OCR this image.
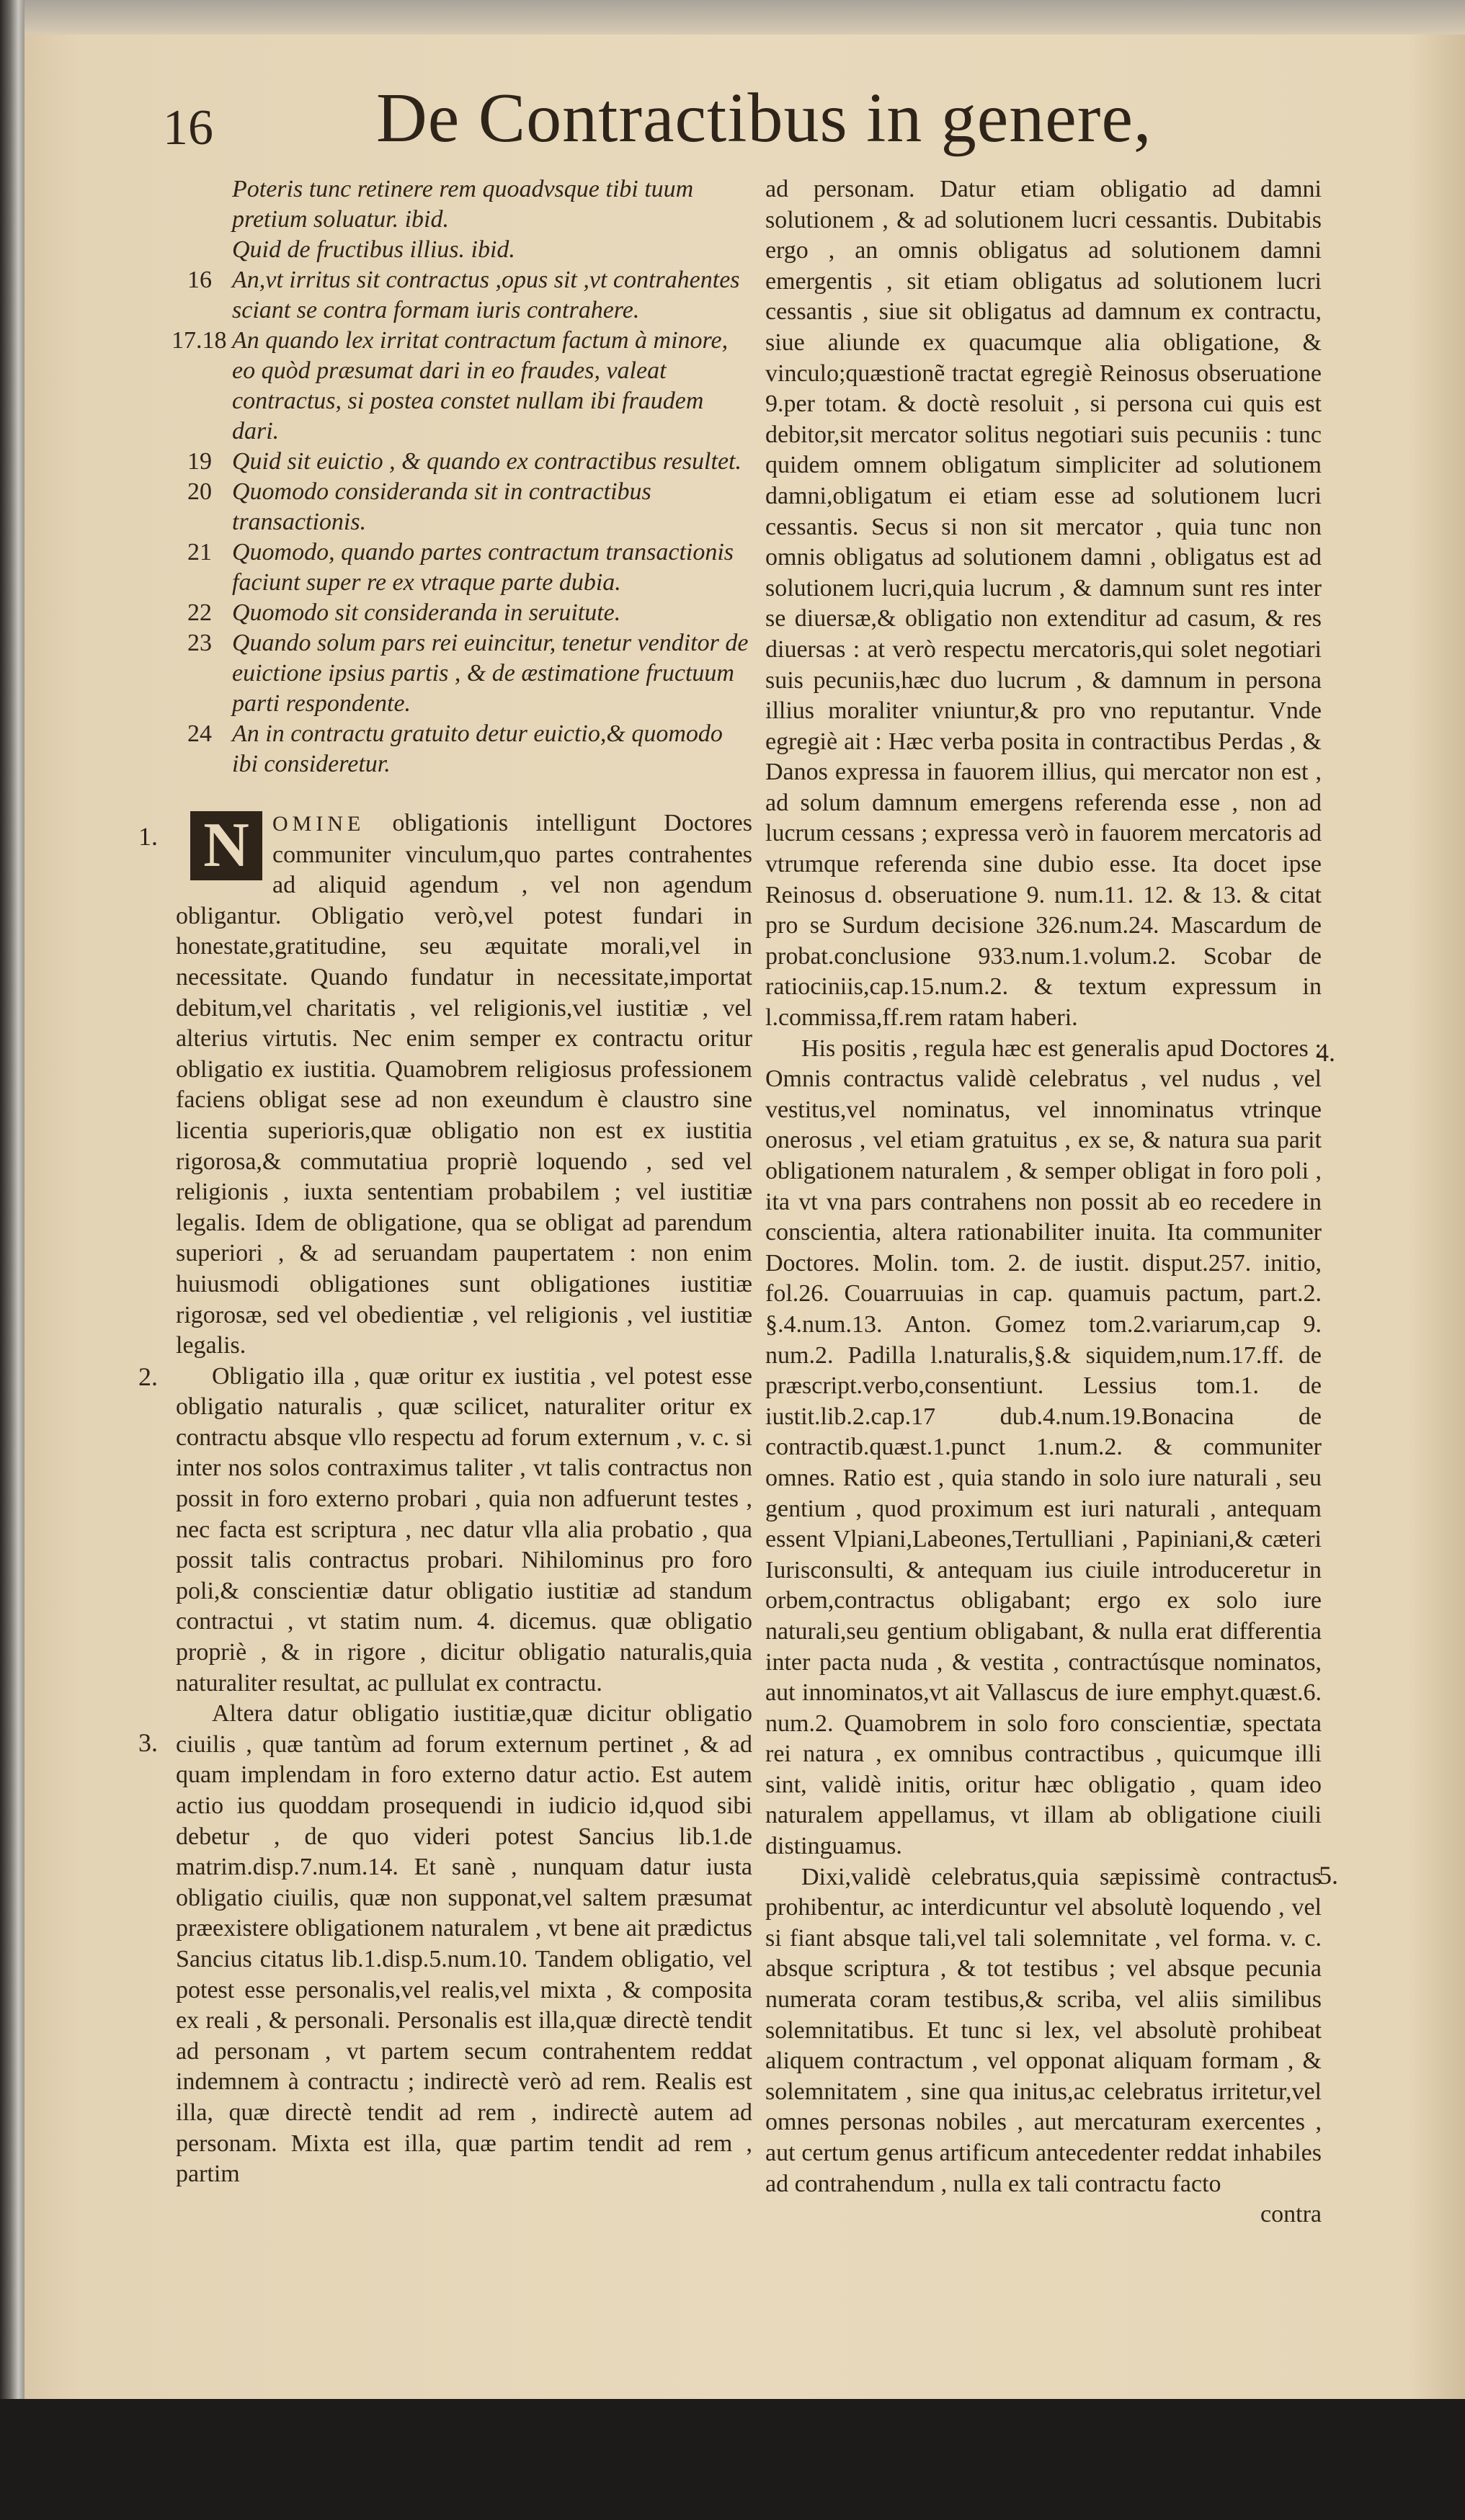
16 De Contractibus in genere,
1.
2.
3.
4.
5.
Poteris tunc retinere rem quoadvsque tibi tuum pretium soluatur. ibid.
Quid de fructibus illius. ibid.
16 An,vt irritus sit contractus ,opus sit ,vt contrahentes sciant se contra formam iuris contrahere.
17.18 An quando lex irritat contractum factum à minore, eo quòd præsumat dari in eo fraudes, valeat contractus, si postea constet nullam ibi fraudem dari.
19 Quid sit euictio , & quando ex contractibus resultet.
20 Quomodo consideranda sit in contractibus transactionis.
21 Quomodo, quando partes contractum transactionis faciunt super re ex vtraque parte dubia.
22 Quomodo sit consideranda in seruitute.
23 Quando solum pars rei euincitur, tenetur venditor de euictione ipsius partis , & de æstimatione fructuum parti respondente.
24 An in contractu gratuito detur euictio,& quomodo ibi consideretur.

N	OMINE obligationis intelligunt Doctores communiter vinculum,quo partes contrahentes ad aliquid agendum , vel non agendum obligantur. Obligatio verò,vel potest fundari in honestate,gratitudine, seu æquitate morali,vel in necessitate. Quando fundatur in necessitate,importat debitum,vel charitatis , vel religionis,vel iustitiæ , vel alterius virtutis. Nec enim semper ex contractu oritur obligatio ex iustitia. Quamobrem religiosus professionem faciens obligat sese ad non exeundum è claustro sine licentia superioris,quæ obligatio non est ex iustitia rigorosa,& commutatiua propriè loquendo , sed vel religionis , iuxta sententiam probabilem ; vel iustitiæ legalis. Idem de obligatione, qua se obligat ad parendum superiori , & ad seruandam paupertatem : non enim huiusmodi obligationes sunt obligationes iustitiæ rigorosæ, sed vel obedientiæ , vel religionis , vel iustitiæ legalis.

Obligatio illa , quæ oritur ex iustitia , vel potest esse obligatio naturalis , quæ scilicet, naturaliter oritur ex contractu absque vllo respectu ad forum externum , v. c. si inter nos solos contraximus taliter , vt talis contractus non possit in foro externo probari , quia non adfuerunt testes , nec facta est scriptura , nec datur vlla alia probatio , qua possit talis contractus probari. Nihilominus pro foro poli,& conscientiæ datur obligatio iustitiæ ad standum contractui , vt statim num. 4. dicemus. quæ obligatio propriè , & in rigore , dicitur obligatio naturalis,quia naturaliter resultat, ac pullulat ex contractu.

Altera datur obligatio iustitiæ,quæ dicitur obligatio ciuilis , quæ tantùm ad forum externum pertinet , & ad quam implendam in foro externo datur actio. Est autem actio ius quoddam prosequendi in iudicio id,quod sibi debetur , de quo videri potest Sancius lib.1.de matrim.disp.7.num.14. Et sanè , nunquam datur iusta obligatio ciuilis, quæ non supponat,vel saltem præsumat præexistere obligationem naturalem , vt bene ait prædictus Sancius citatus lib.1.disp.5.num.10. Tandem obligatio, vel potest esse personalis,vel realis,vel mixta , & composita ex reali , & personali. Personalis est illa,quæ directè tendit ad personam , vt partem secum contrahentem reddat indemnem à contractu ; indirectè verò ad rem. Realis est illa, quæ directè tendit ad rem , indirectè autem ad personam. Mixta est illa, quæ partim tendit ad rem , partim

ad personam. Datur etiam obligatio ad damni solutionem , & ad solutionem lucri cessantis. Dubitabis ergo , an omnis obligatus ad solutionem damni emergentis , sit etiam obligatus ad solutionem lucri cessantis , siue sit obligatus ad damnum ex contractu, siue aliunde ex quacumque alia obligatione, & vinculo;quæstionẽ tractat egregiè Reinosus obseruatione 9.per totam. & doctè resoluit , si persona cui quis est debitor,sit mercator solitus negotiari suis pecuniis : tunc quidem omnem obligatum simpliciter ad solutionem damni,obligatum ei etiam esse ad solutionem lucri cessantis. Secus si non sit mercator , quia tunc non omnis obligatus ad solutionem damni , obligatus est ad solutionem lucri,quia lucrum , & damnum sunt res inter se diuersæ,& obligatio non extenditur ad casum, & res diuersas : at verò respectu mercatoris,qui solet negotiari suis pecuniis,hæc duo lucrum , & damnum in persona illius moraliter vniuntur,& pro vno reputantur. Vnde egregiè ait : Hæc verba posita in contractibus Perdas , & Danos expressa in fauorem illius, qui mercator non est , ad solum damnum emergens referenda esse , non ad lucrum cessans ; expressa verò in fauorem mercatoris ad vtrumque referenda sine dubio esse. Ita docet ipse Reinosus d. obseruatione 9. num.11. 12. & 13. & citat pro se Surdum decisione 326.num.24. Mascardum de probat.conclusione 933.num.1.volum.2. Scobar de ratiociniis,cap.15.num.2. & textum expressum in l.commissa,ff.rem ratam haberi.

His positis , regula hæc est generalis apud Doctores : Omnis contractus validè celebratus , vel nudus , vel vestitus,vel nominatus, vel innominatus vtrinque onerosus , vel etiam gratuitus , ex se, & natura sua parit obligationem naturalem , & semper obligat in foro poli , ita vt vna pars contrahens non possit ab eo recedere in conscientia, altera rationabiliter inuita. Ita communiter Doctores. Molin. tom. 2. de iustit. disput.257. initio, fol.26. Couarruuias in cap. quamuis pactum, part.2. §.4.num.13. Anton. Gomez tom.2.variarum,cap 9. num.2. Padilla l.naturalis,§.& siquidem,num.17.ff. de præscript.verbo,consentiunt. Lessius tom.1. de iustit.lib.2.cap.17 dub.4.num.19.Bonacina de contractib.quæst.1.punct 1.num.2. & communiter omnes. Ratio est , quia stando in solo iure naturali , seu gentium , quod proximum est iuri naturali , antequam essent Vlpiani,Labeones,Tertulliani , Papiniani,& cæteri Iurisconsulti, & antequam ius ciuile introduceretur in orbem,contractus obligabant; ergo ex solo iure naturali,seu gentium obligabant, & nulla erat differentia inter pacta nuda , & vestita , contractúsque nominatos, aut innominatos,vt ait Vallascus de iure emphyt.quæst.6. num.2. Quamobrem in solo foro conscientiæ, spectata rei natura , ex omnibus contractibus , quicumque illi sint, validè initis, oritur hæc obligatio , quam ideo naturalem appellamus, vt illam ab obligatione ciuili distinguamus.

Dixi,validè celebratus,quia sæpissimè contractus prohibentur, ac interdicuntur vel absolutè loquendo , vel si fiant absque tali,vel tali solemnitate , vel forma. v. c. absque scriptura , & tot testibus ; vel absque pecunia numerata coram testibus,& scriba, vel aliis similibus solemnitatibus. Et tunc si lex, vel absolutè prohibeat aliquem contractum , vel opponat aliquam formam , & solemnitatem , sine qua initus,ac celebratus irritetur,vel omnes personas nobiles , aut mercaturam exercentes , aut certum genus artificum antecedenter reddat inhabiles ad contrahendum , nulla ex tali contractu facto

contra
